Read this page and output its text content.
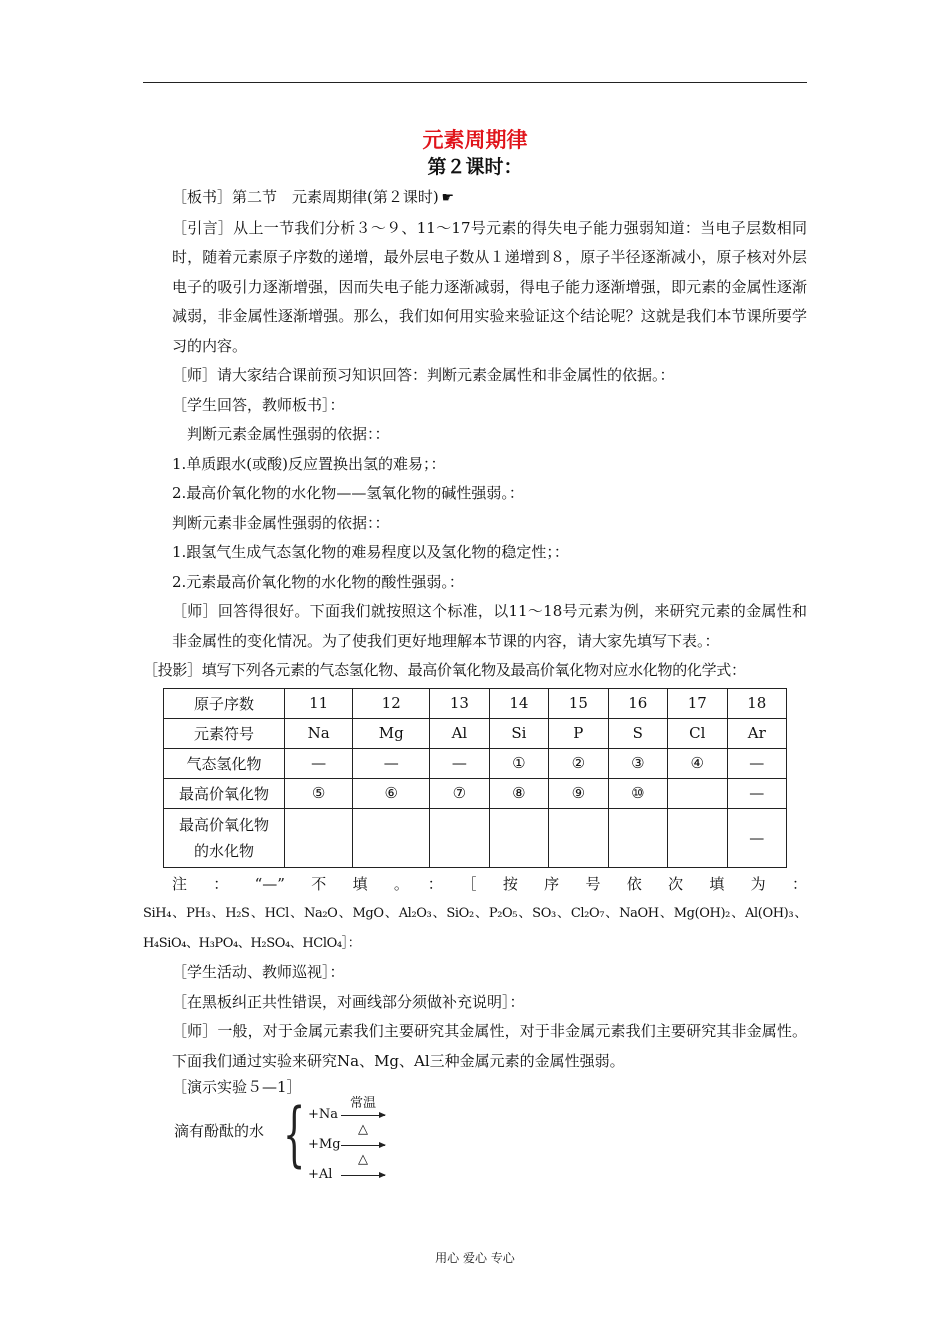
元素周期律
第２课时：

［板书］第二节　元素周期律(第２课时) ☛

［引言］从上一节我们分析３～９、11～17号元素的得失电子能力强弱知道：当电子层数相同时，随着元素原子序数的递增，最外层电子数从１递增到８，原子半径逐渐减小，原子核对外层电子的吸引力逐渐增强，因而失电子能力逐渐减弱，得电子能力逐渐增强，即元素的金属性逐渐减弱，非金属性逐渐增强。那么，我们如何用实验来验证这个结论呢？这就是我们本节课所要学习的内容。

［师］请大家结合课前预习知识回答：判断元素金属性和非金属性的依据。：

［学生回答，教师板书］：

判断元素金属性强弱的依据：：

1.单质跟水(或酸)反应置换出氢的难易；：

2.最高价氧化物的水化物——氢氧化物的碱性强弱。：

判断元素非金属性强弱的依据：：

1.跟氢气生成气态氢化物的难易程度以及氢化物的稳定性；：

2.元素最高价氧化物的水化物的酸性强弱。：

［师］回答得很好。下面我们就按照这个标准，以11～18号元素为例，来研究元素的金属性和非金属性的变化情况。为了使我们更好地理解本节课的内容，请大家先填写下表。：

［投影］填写下列各元素的气态氢化物、最高价氧化物及最高价氧化物对应水化物的化学式：

原子序数	11	12	13	14	15	16	17	18
元素符号	Na	Mg	Al	Si	P	S	Cl	Ar
气态氢化物	—	—	—	①	②	③	④	—
最高价氧化物	⑤	⑥	⑦	⑧	⑨	⑩		—
最高价氧化物
的水化物								—

注：“—”不填。：［按序号依次填为：

SiH₄、PH₃、H₂S、HCl、Na₂O、MgO、Al₂O₃、SiO₂、P₂O₅、SO₃、Cl₂O₇、NaOH、Mg(OH)₂、Al(OH)₃、H₄SiO₄、H₃PO₄、H₂SO₄、HClO₄］：

［学生活动、教师巡视］：

［在黑板纠正共性错误，对画线部分须做补充说明］：

［师］一般，对于金属元素我们主要研究其金属性，对于非金属元素我们主要研究其非金属性。下面我们通过实验来研究Na、Mg、Al三种金属元素的金属性强弱。

［演示实验５—1］
滴有酚酞的水 {	常温
+Na →
△
+Mg →
△
+Al →
用心 爱心 专心
